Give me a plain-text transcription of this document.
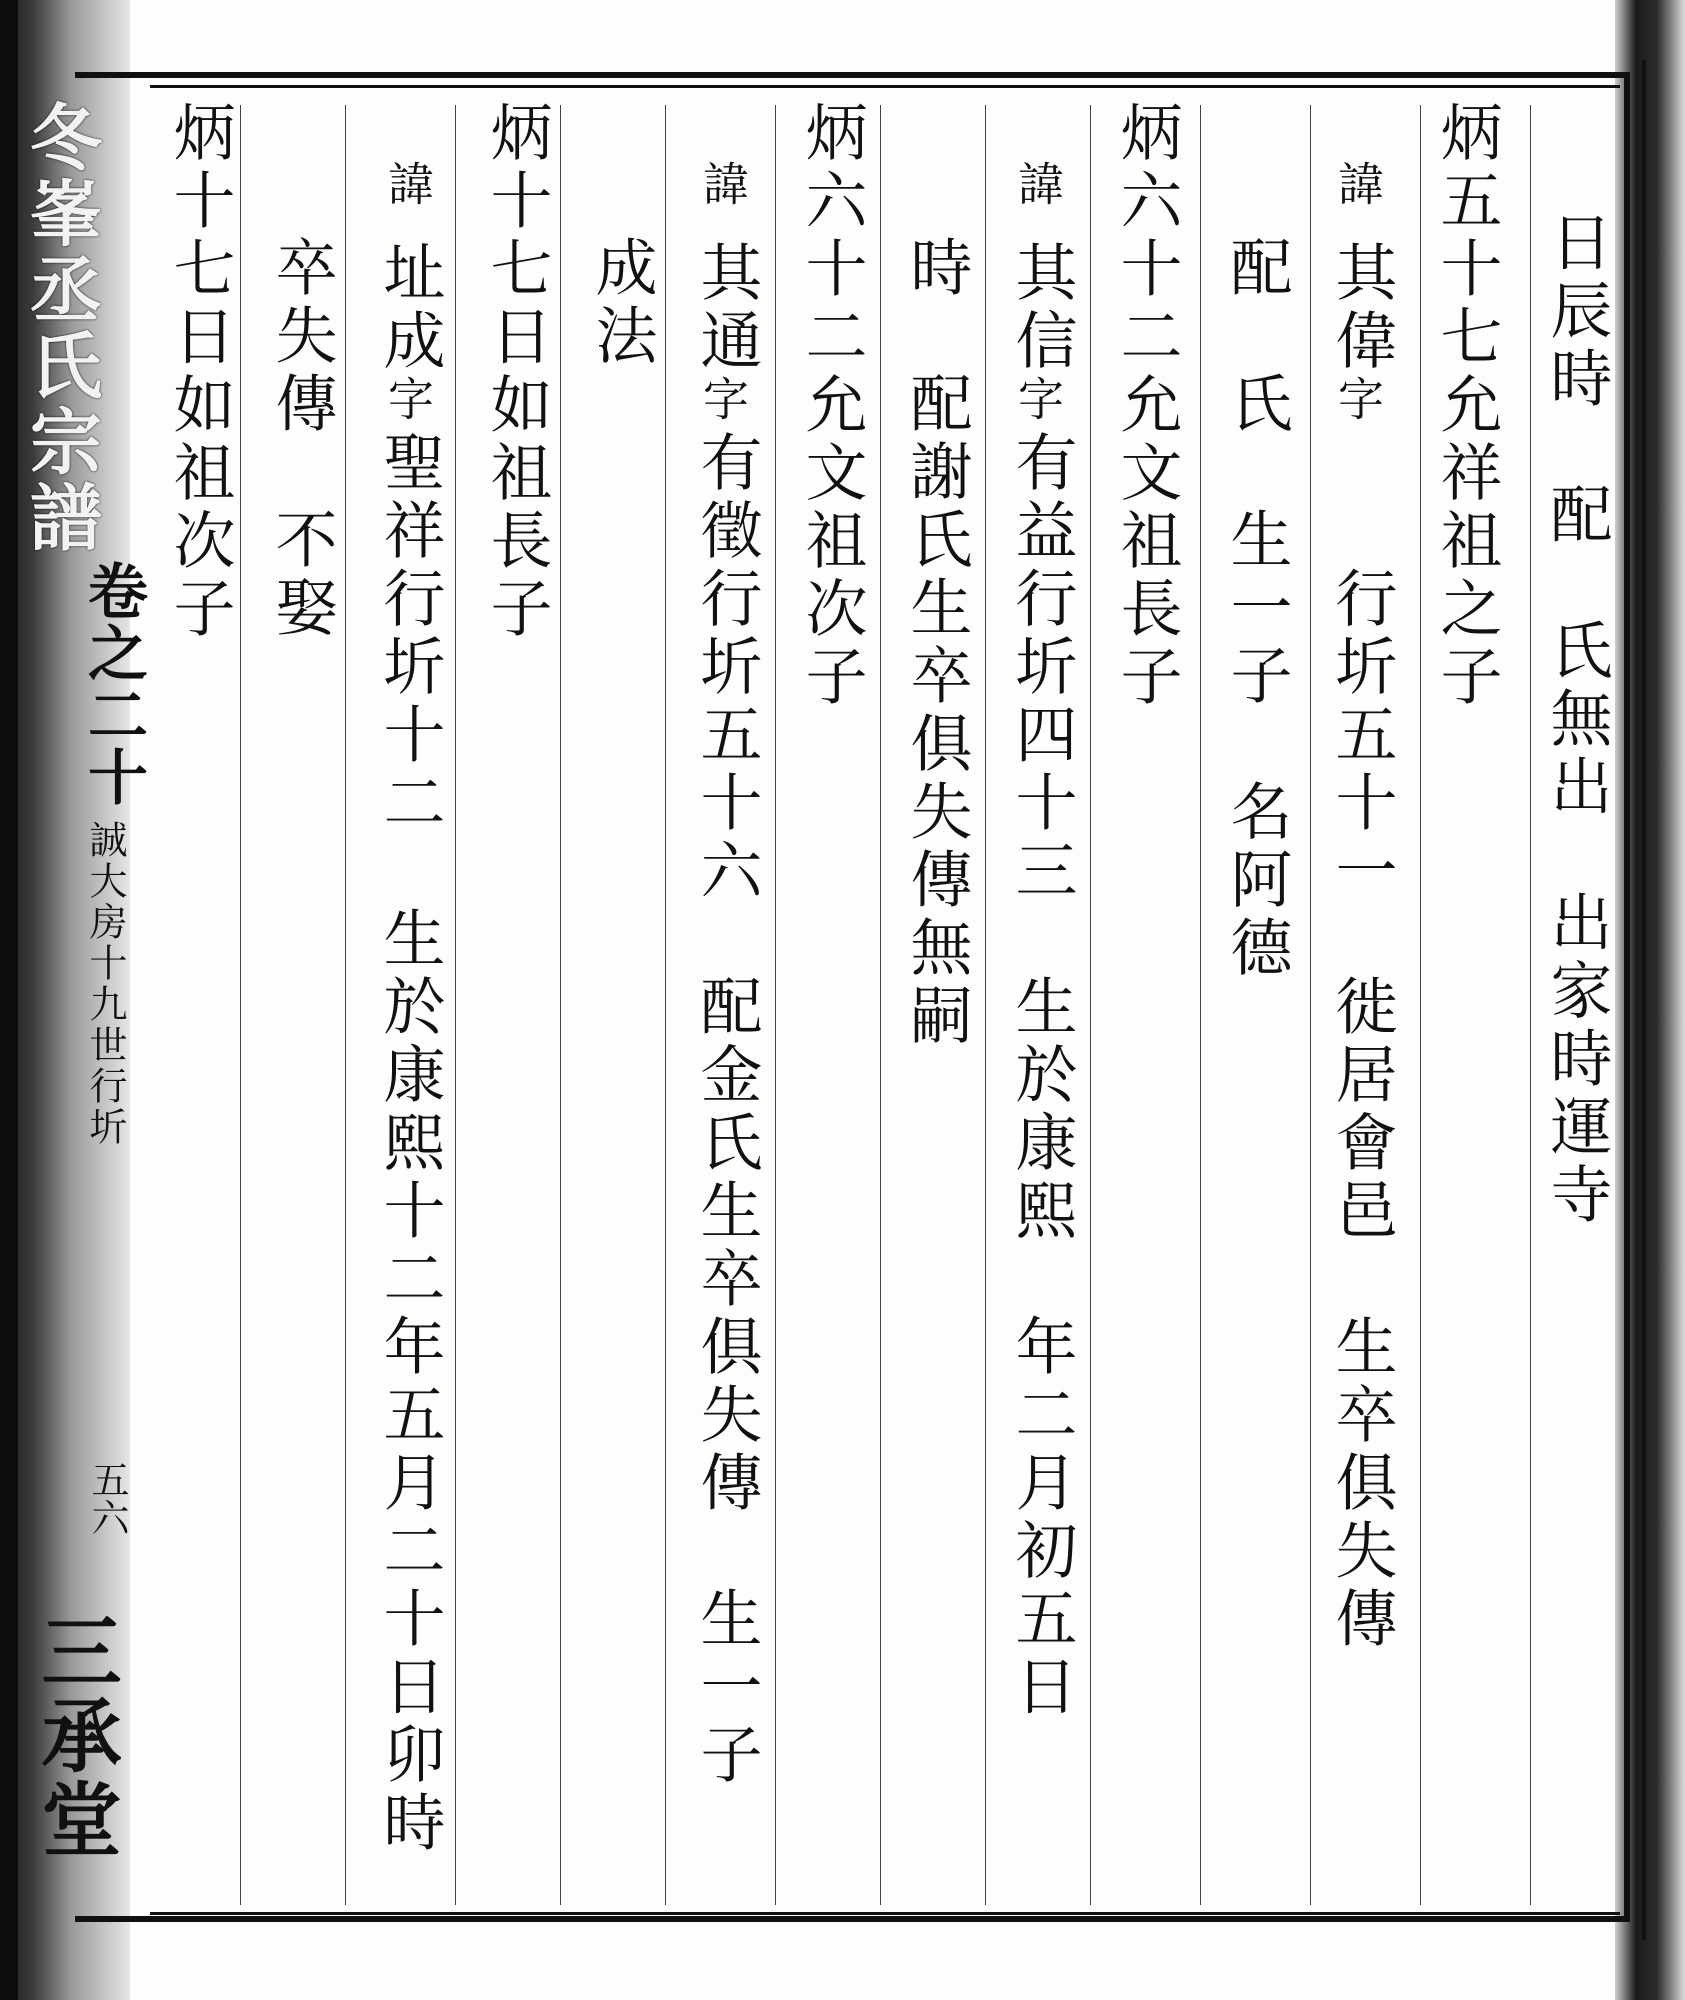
冬峯丞氏宗譜
卷之二十
誠大房十九世行圻
五六
三承堂
日辰時　配　氏無出　出家時運寺
炳五十七允祥祖之子
諱
其偉
字
　　行圻五十一　徙居會邑　生卒俱失傳
配　氏　生一子　名阿德
炳六十二允文祖長子
諱
其信
字
有益行圻四十三　生於康熙　年二月初五日
時　配謝氏生卒俱失傳無嗣
炳六十二允文祖次子
諱
其通
字
有徵行圻五十六　配金氏生卒俱失傳　生一子
成法
炳十七日如祖長子
諱
址成
字
聖祥行圻十二　生於康熙十二年五月二十日卯時
卒失傳　不娶
炳十七日如祖次子
